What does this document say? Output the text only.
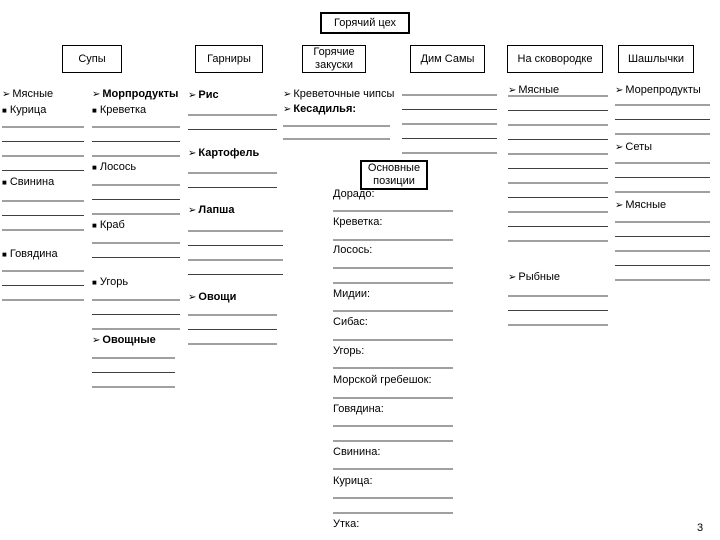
Горячий цех
Супы	Гарниры
Горячие
закуски
Дим Самы	На сковородке	Шашлычки
Основные
позиции
➢ Мясные
■ Курица
■ Свинина
■ Говядина
➢ Морпродукты
■ Креветка
■ Лосось
■ Краб
■ Угорь
➢ Овощные
➢ Рис
➢ Картофель
➢ Лапша
➢ Овощи
➢ Креветочные чипсы
➢ Кесадилья:
Дорадо:
Креветка:
Лосось:
Мидии:
Сибас:
Угорь:
Морской гребешок:
Говядина:
Свинина:
Курица:
Утка:
➢ Мясные
➢ Рыбные
➢ Морепродукты
➢ Сеты
➢ Мясные
3
